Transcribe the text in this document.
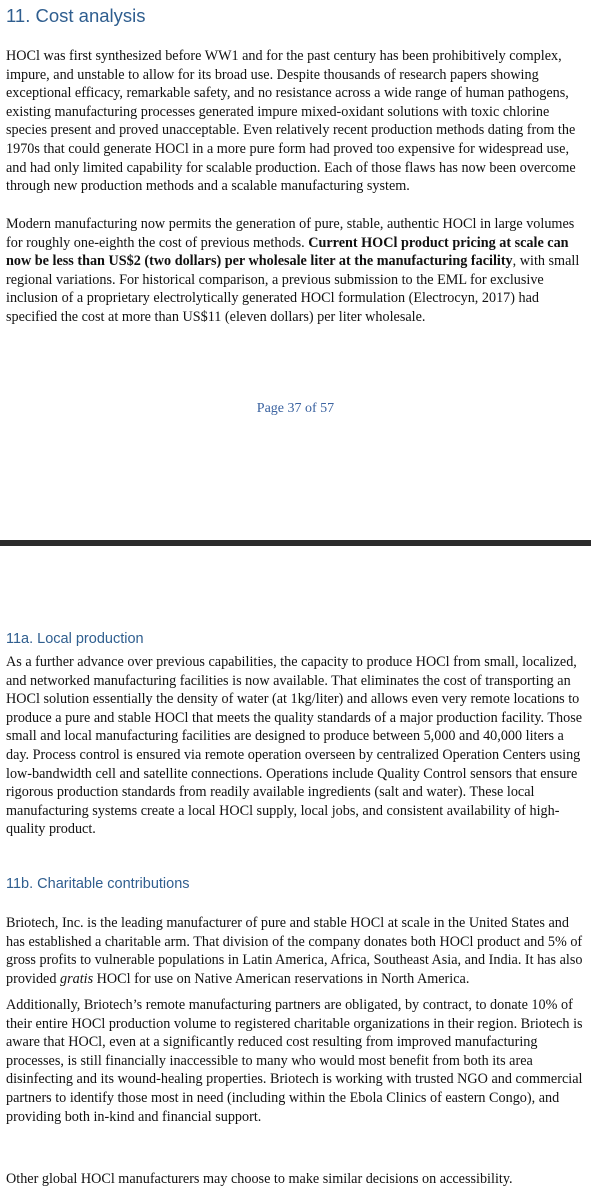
11. Cost analysis

HOCl was first synthesized before WW1 and for the past century has been prohibitively complex, impure, and unstable to allow for its broad use. Despite thousands of research papers showing exceptional efficacy, remarkable safety, and no resistance across a wide range of human pathogens, existing manufacturing processes generated impure mixed-oxidant solutions with toxic chlorine species present and proved unacceptable. Even relatively recent production methods dating from the 1970s that could generate HOCl in a more pure form had proved too expensive for widespread use, and had only limited capability for scalable production. Each of those flaws has now been overcome through new production methods and a scalable manufacturing system.

Modern manufacturing now permits the generation of pure, stable, authentic HOCl in large volumes for roughly one-eighth the cost of previous methods. Current HOCl product pricing at scale can now be less than US$2 (two dollars) per wholesale liter at the manufacturing facility, with small regional variations. For historical comparison, a previous submission to the EML for exclusive inclusion of a proprietary electrolytically generated HOCl formulation (Electrocyn, 2017) had specified the cost at more than US$11 (eleven dollars) per liter wholesale.

Page 37 of 57
11a. Local production

As a further advance over previous capabilities, the capacity to produce HOCl from small, localized, and networked manufacturing facilities is now available. That eliminates the cost of transporting an HOCl solution essentially the density of water (at 1kg/liter) and allows even very remote locations to produce a pure and stable HOCl that meets the quality standards of a major production facility. Those small and local manufacturing facilities are designed to produce between 5,000 and 40,000 liters a day. Process control is ensured via remote operation overseen by centralized Operation Centers using low-bandwidth cell and satellite connections. Operations include Quality Control sensors that ensure rigorous production standards from readily available ingredients (salt and water). These local manufacturing systems create a local HOCl supply, local jobs, and consistent availability of high-quality product.

11b. Charitable contributions

Briotech, Inc. is the leading manufacturer of pure and stable HOCl at scale in the United States and has established a charitable arm. That division of the company donates both HOCl product and 5% of gross profits to vulnerable populations in Latin America, Africa, Southeast Asia, and India. It has also provided gratis HOCl for use on Native American reservations in North America.

Additionally, Briotech’s remote manufacturing partners are obligated, by contract, to donate 10% of their entire HOCl production volume to registered charitable organizations in their region. Briotech is aware that HOCl, even at a significantly reduced cost resulting from improved manufacturing processes, is still financially inaccessible to many who would most benefit from both its area disinfecting and its wound-healing properties. Briotech is working with trusted NGO and commercial partners to identify those most in need (including within the Ebola Clinics of eastern Congo), and providing both in-kind and financial support.

Other global HOCl manufacturers may choose to make similar decisions on accessibility.
